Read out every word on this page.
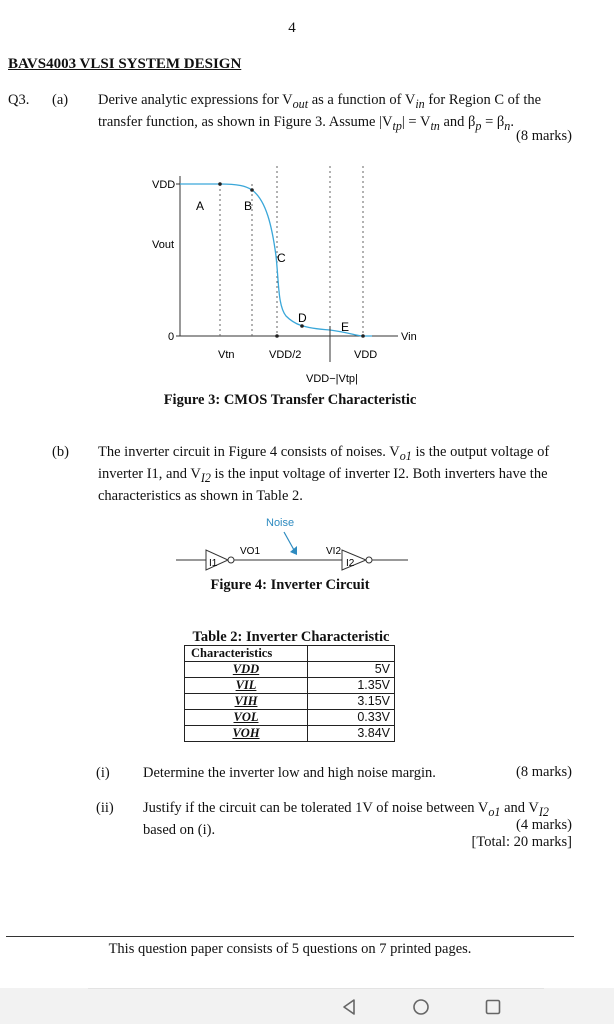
4
BAVS4003 VLSI SYSTEM DESIGN
Q3. (a) Derive analytic expressions for $V_{out}$ as a function of $V_{in}$ for Region C of the
transfer function, as shown in Figure 3. Assume $|V_{tp}| = V_{tn}$ and $\beta_p = \beta_n$.
(8 marks)
VDD
Vout
0
A	B
C
D
E
Vin
Vtn	VDD/2	VDD
VDD−|Vtp|
Figure 3: CMOS Transfer Characteristic
(b) The inverter circuit in Figure 4 consists of noises. $V_{o1}$ is the output voltage of
inverter I1, and $V_{I2}$ is the input voltage of inverter I2. Both inverters have the
characteristics as shown in Table 2.
Noise
I1	I2
VO1	VI2
Figure 4: Inverter Circuit
Table 2: Inverter Characteristic
Characteristics	
VDD	5V
VIL	1.35V
VIH	3.15V
VOL	0.33V
VOH	3.84V
(i) Determine the inverter low and high noise margin.	(8 marks)
(ii) Justify if the circuit can be tolerated 1V of noise between $V_{o1}$ and $V_{I2}$
based on (i).	(4 marks)
[Total: 20 marks]
This question paper consists of 5 questions on 7 printed pages.
